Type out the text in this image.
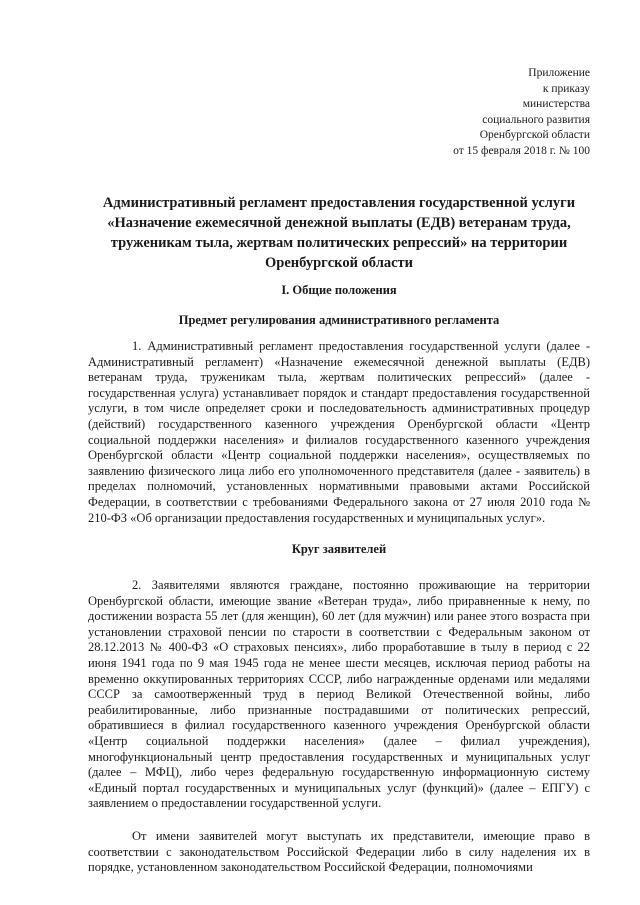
Приложение
к приказу
министерства
социального развития
Оренбургской области
от 15 февраля 2018 г. № 100
Административный регламент предоставления государственной услуги
«Назначение ежемесячной денежной выплаты (ЕДВ) ветеранам труда,
труженикам тыла, жертвам политических репрессий» на территории
Оренбургской области
I. Общие положения
Предмет регулирования административного регламента
1. Административный регламент предоставления государственной услуги (далее - Административный регламент) «Назначение ежемесячной денежной выплаты (ЕДВ) ветеранам труда, труженикам тыла, жертвам политических репрессий» (далее - государственная услуга) устанавливает порядок и стандарт предоставления государственной услуги, в том числе определяет сроки и последовательность административных процедур (действий) государственного казенного учреждения Оренбургской области «Центр социальной поддержки населения» и филиалов государственного казенного учреждения Оренбургской области «Центр социальной поддержки населения», осуществляемых по заявлению физического лица либо его уполномоченного представителя (далее - заявитель) в пределах полномочий, установленных нормативными правовыми актами Российской Федерации, в соответствии с требованиями Федерального закона от 27 июля 2010 года № 210-ФЗ «Об организации предоставления государственных и муниципальных услуг».
Круг заявителей
2. Заявителями являются граждане, постоянно проживающие на территории Оренбургской области, имеющие звание «Ветеран труда», либо приравненные к нему, по достижении возраста 55 лет (для женщин), 60 лет (для мужчин) или ранее этого возраста при установлении страховой пенсии по старости в соответствии с Федеральным законом от 28.12.2013 № 400-ФЗ «О страховых пенсиях», либо проработавшие в тылу в период с 22 июня 1941 года по 9 мая 1945 года не менее шести месяцев, исключая период работы на временно оккупированных территориях СССР, либо награжденные орденами или медалями СССР за самоотверженный труд в период Великой Отечественной войны, либо реабилитированные, либо признанные пострадавшими от политических репрессий, обратившиеся в филиал государственного казенного учреждения Оренбургской области «Центр социальной поддержки населения» (далее – филиал учреждения), многофункциональный центр предоставления государственных и муниципальных услуг (далее – МФЦ), либо через федеральную государственную информационную систему «Единый портал государственных и муниципальных услуг (функций)» (далее – ЕПГУ) с заявлением о предоставлении государственной услуги.
От имени заявителей могут выступать их представители, имеющие право в соответствии с законодательством Российской Федерации либо в силу наделения их в порядке, установленном законодательством Российской Федерации, полномочиями
